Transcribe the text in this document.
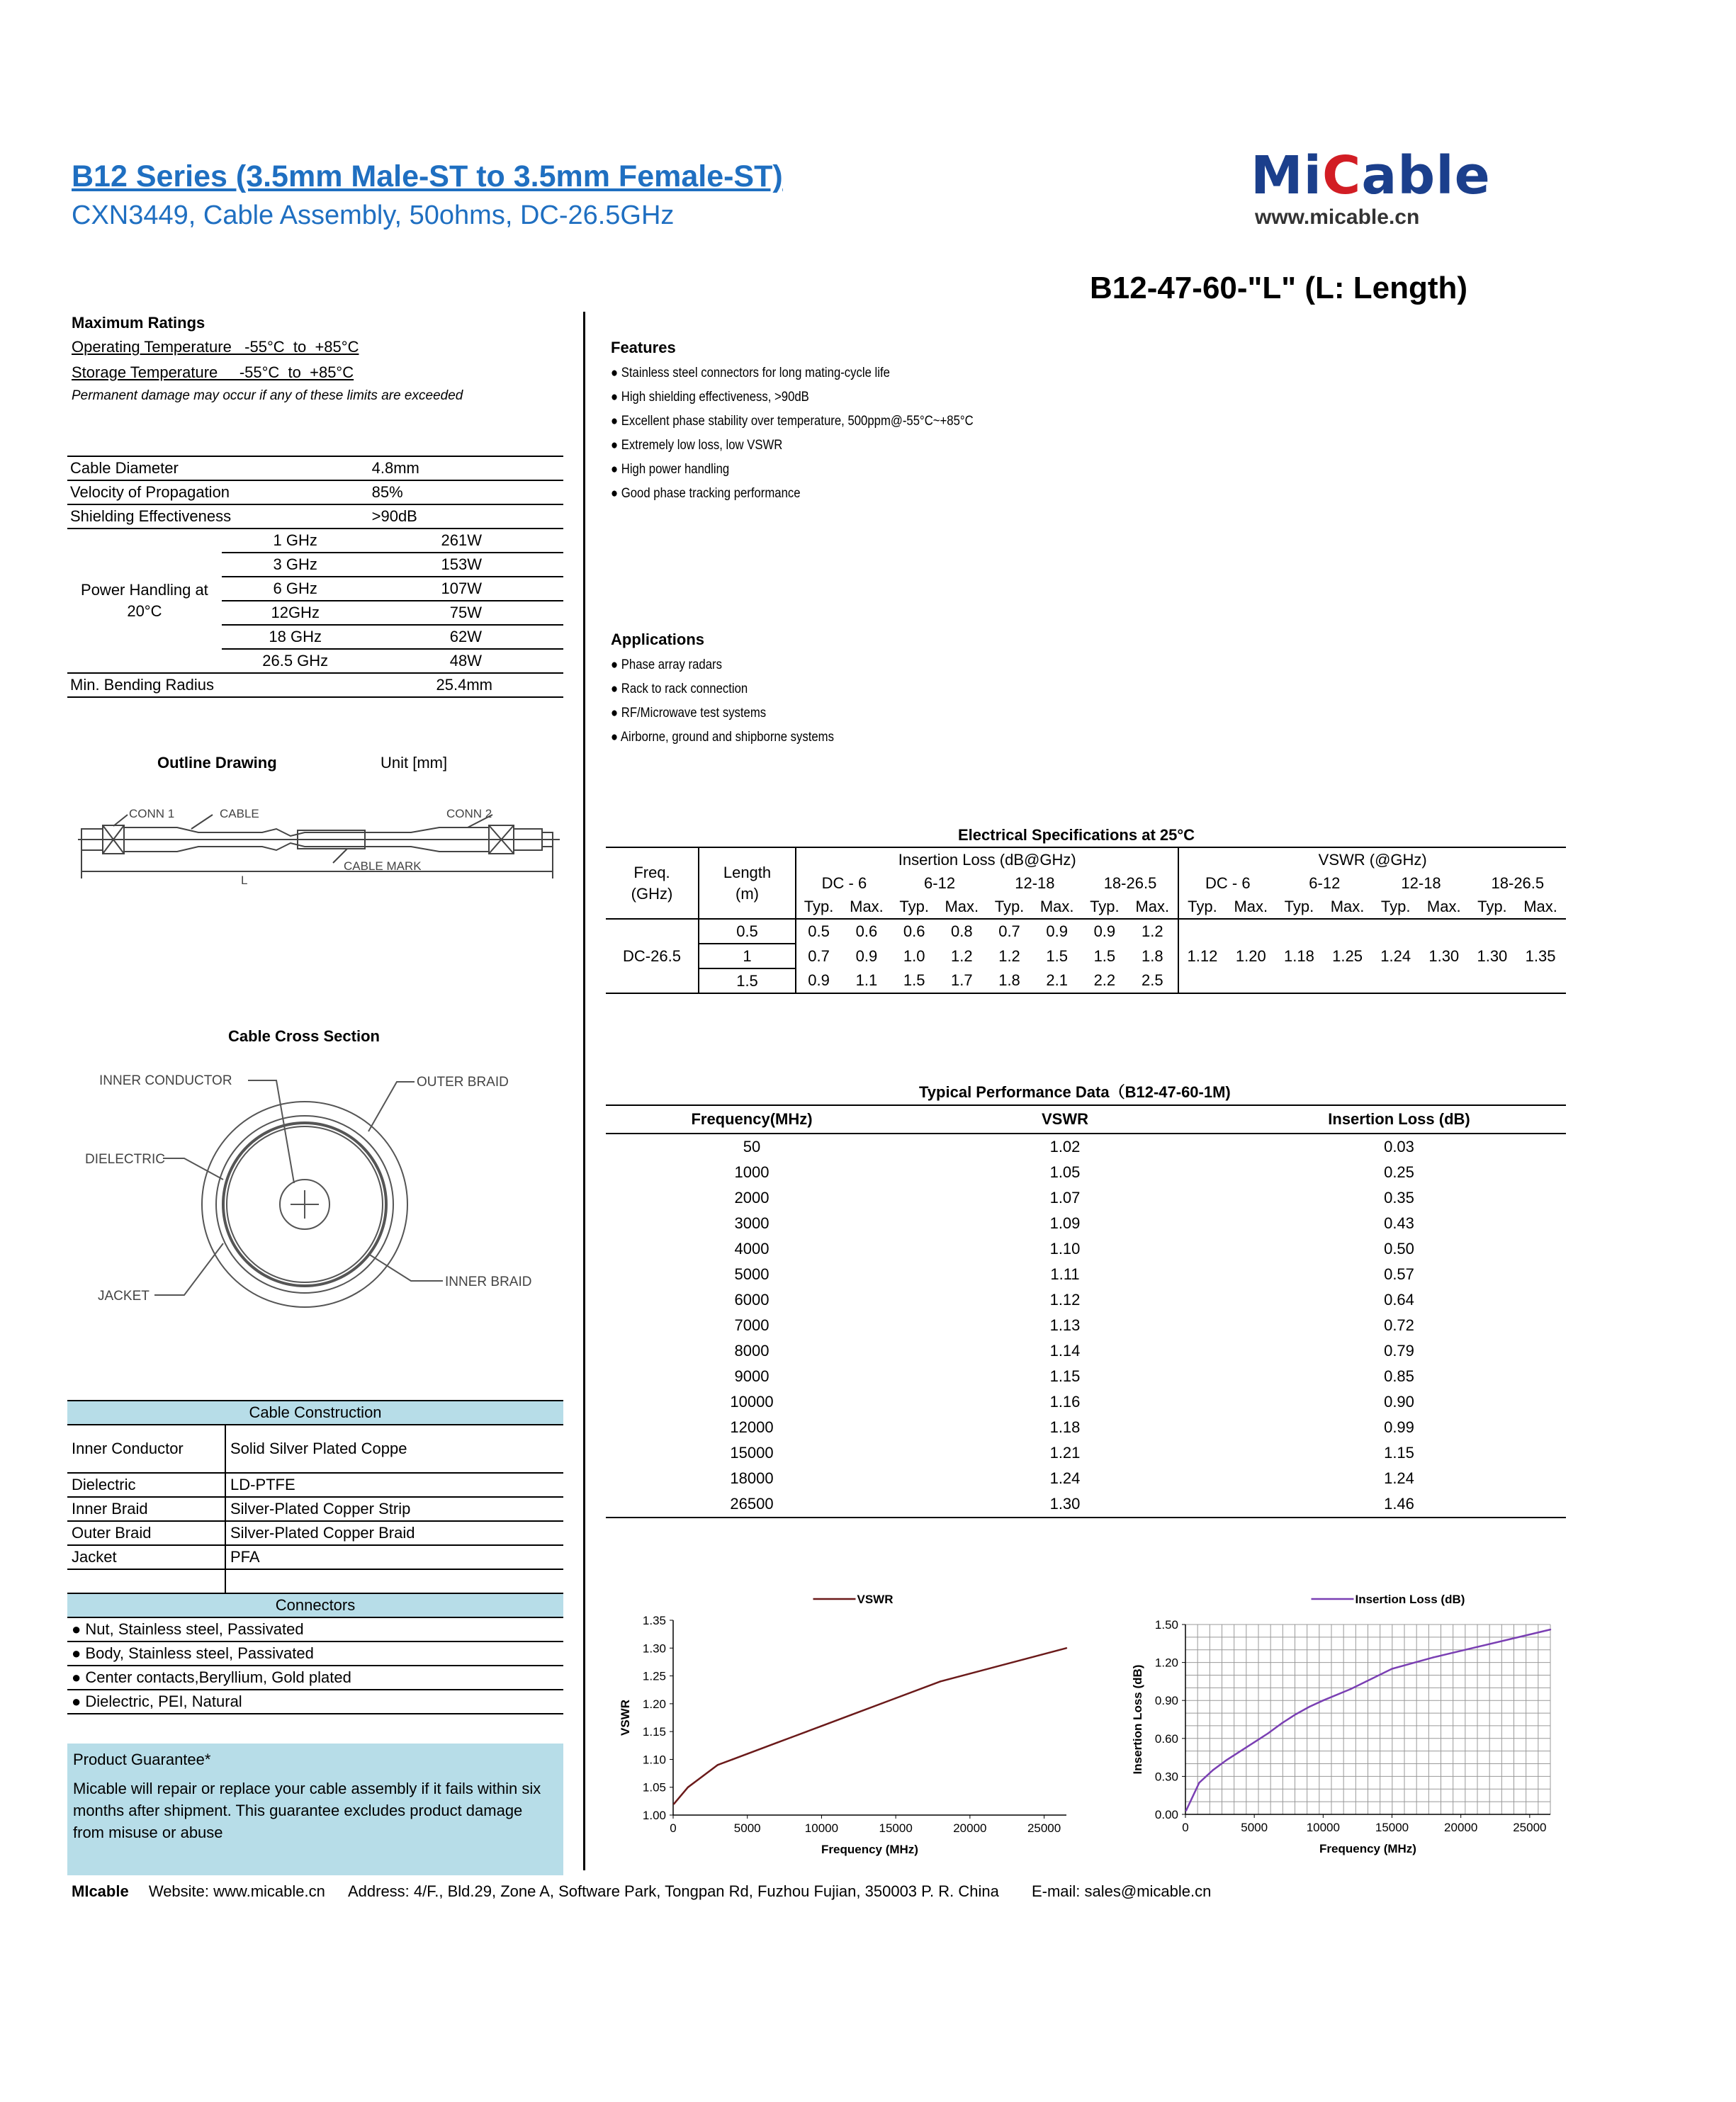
B12 Series (3.5mm Male-ST to 3.5mm Female-ST)
CXN3449, Cable Assembly, 50ohms, DC-26.5GHz
MiCable
www.micable.cn
B12-47-60-"L" (L: Length)
Maximum Ratings
Operating Temperature   -55°C  to  +85°C
Storage Temperature     -55°C  to  +85°C
Permanent damage may occur if any of these limits are exceeded
Cable Diameter		4.8mm	
Velocity of Propagation		85%	
Shielding Effectiveness		>90dB	
Power Handling at
20°C	1 GHz		261W
	3 GHz		153W
	6 GHz		107W
	12GHz		75W
	18 GHz		62W
	26.5 GHz		48W
Min. Bending Radius		25.4mm	
Outline Drawing	Unit [mm]
CONN 1	CABLE	CONN 2
CABLE MARK
L
Cable Cross Section
INNER CONDUCTOR	OUTER BRAID
DIELECTRIC
JACKET
INNER BRAID
Cable Construction	
Inner Conductor	Solid Silver Plated Coppe
Dielectric	LD-PTFE
Inner Braid	Silver-Plated Copper Strip
Outer Braid	Silver-Plated Copper Braid
Jacket	PFA

Connectors	
● Nut, Stainless steel, Passivated	
● Body, Stainless steel, Passivated	
● Center contacts,Beryllium, Gold plated	
● Dielectric, PEI, Natural	
Product Guarantee*
Micable will repair or replace your cable assembly if it fails within six months after shipment. This guarantee excludes product damage from misuse or abuse
Features
● Stainless steel connectors for long mating-cycle life
● High shielding effectiveness, >90dB
● Excellent phase stability over temperature, 500ppm@-55°C~+85°C
● Extremely low loss, low VSWR
● High power handling
● Good phase tracking performance
Applications
● Phase array radars
● Rack to rack connection
● RF/Microwave test systems
● Airborne, ground and shipborne systems
Electrical Specifications at 25°C
Freq.
(GHz)	Length
(m)	Insertion Loss (dB@GHz)								VSWR (@GHz)							
		DC - 6		6-12		12-18		18-26.5		DC - 6		6-12		12-18		18-26.5	
		Typ.	Max.	Typ.	Max.	Typ.	Max.	Typ.	Max.	Typ.	Max.	Typ.	Max.	Typ.	Max.	Typ.	Max.
DC-26.5	0.5	0.5	0.6	0.6	0.8	0.7	0.9	0.9	1.2	1.12	1.20	1.18	1.25	1.24	1.30	1.30	1.35
	1	0.7	0.9	1.0	1.2	1.2	1.5	1.5	1.8								
	1.5	0.9	1.1	1.5	1.7	1.8	2.1	2.2	2.5								
Typical Performance Data（B12-47-60-1M)
Frequency(MHz)	VSWR	Insertion Loss (dB)
50	1.02	0.03
1000	1.05	0.25
2000	1.07	0.35
3000	1.09	0.43
4000	1.10	0.50
5000	1.11	0.57
6000	1.12	0.64
7000	1.13	0.72
8000	1.14	0.79
9000	1.15	0.85
10000	1.16	0.90
12000	1.18	0.99
15000	1.21	1.15
18000	1.24	1.24
26500	1.30	1.46
1.00
1.05
1.10
1.15
1.20
1.25
1.30
1.35
0	5000	10000	15000	20000	25000
Frequency (MHz)
VSWR
VSWR
0.00
0.30
0.60
0.90
1.20
1.50
0	5000	10000	15000	20000	25000
Frequency (MHz)
Insertion Loss (dB)
Insertion Loss (dB)
MIcable Website: www.micable.cn Address: 4/F., Bld.29, Zone A, Software Park, Tongpan Rd, Fuzhou Fujian, 350003 P. R. China E-mail: sales@micable.cn
